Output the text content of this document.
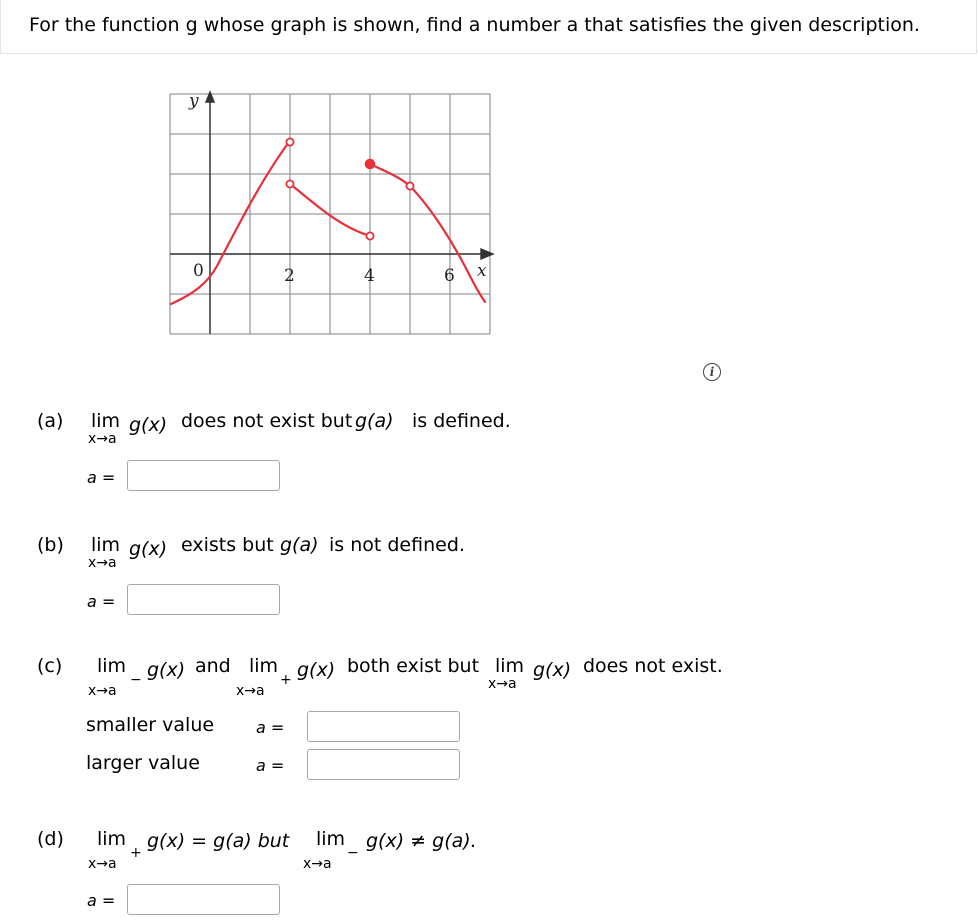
For the function g whose graph is shown, find a number a that satisfies the given description.
y
x
0	2	4	6
i
(a) lim
x→a
g(x) does not exist but g(a) is defined.
a =
(b) lim
x→a
g(x) exists but g(a) is not defined.
a =
(c) lim
x→a
− g(x) and lim
x→a
+ g(x) both exist but lim
x→a
g(x) does not exist.
smaller value	a =
larger value	a =
(d) lim
x→a
+
g(x) = g(a) but lim
x→a
−
g(x) ≠ g(a).
a =
